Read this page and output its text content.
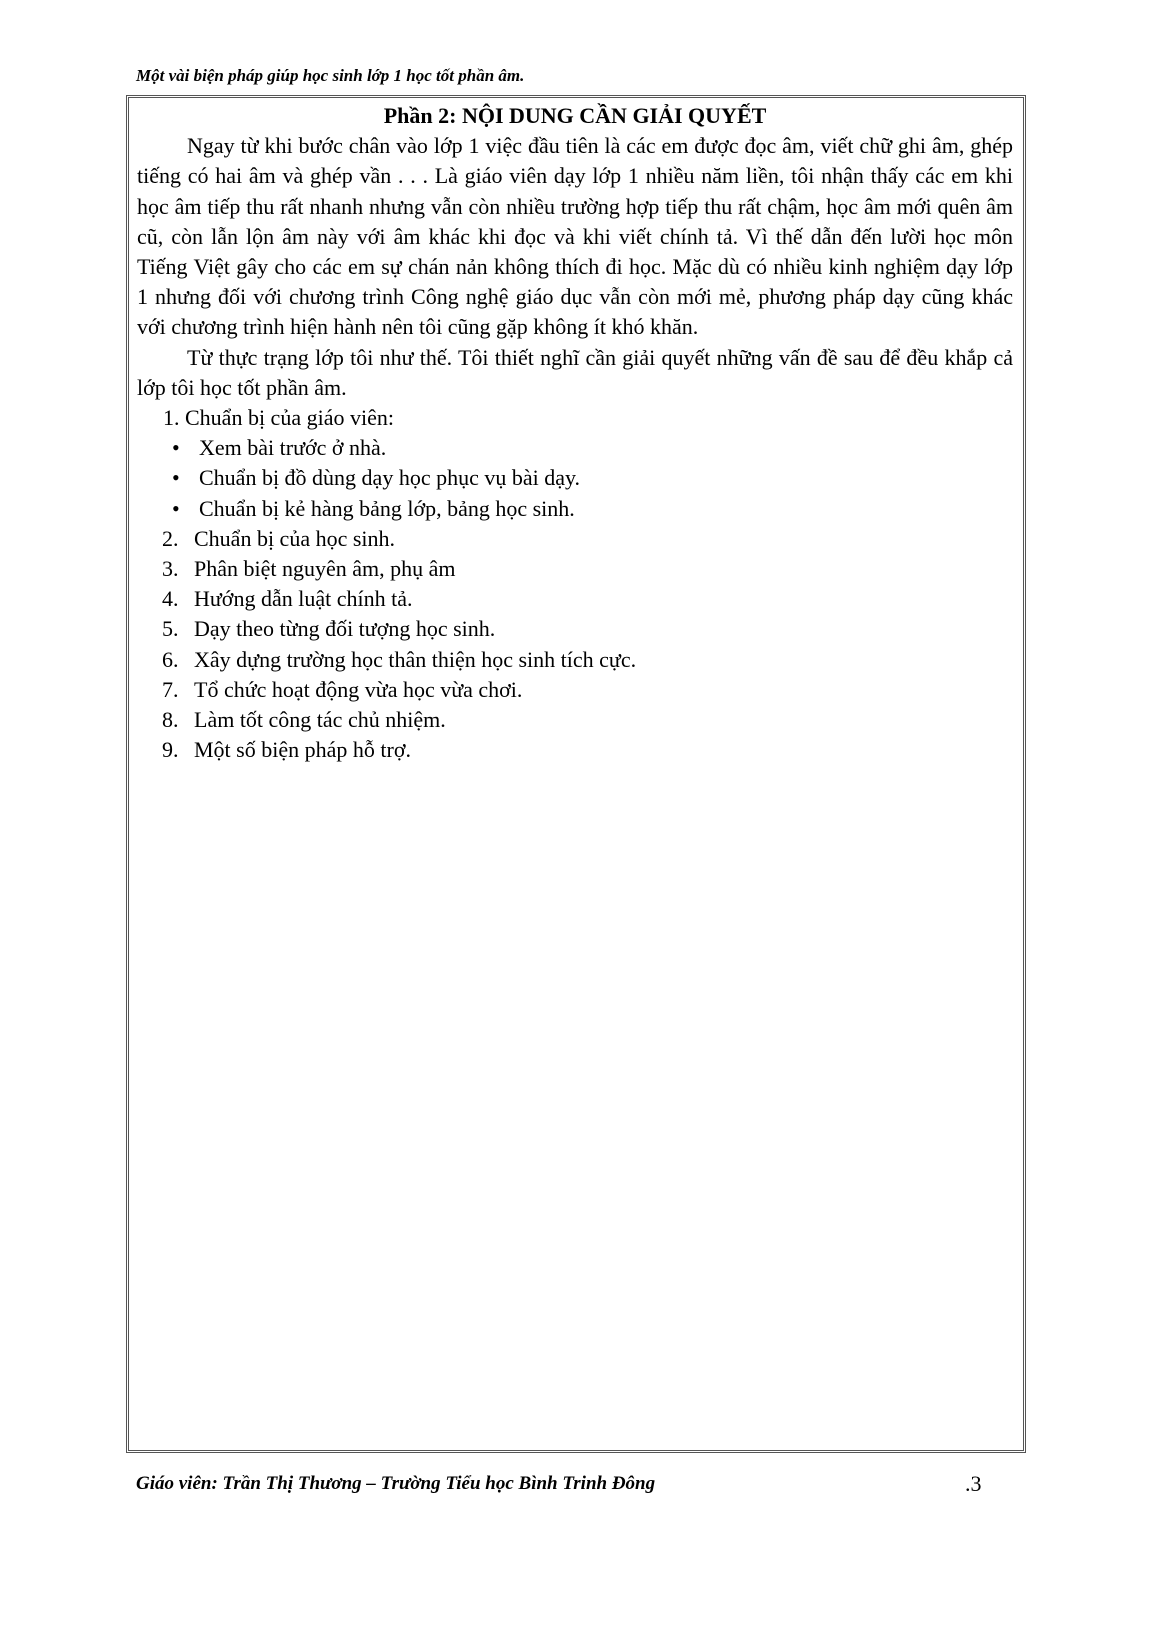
Một vài biện pháp giúp học sinh lớp 1 học tốt phần âm.
Phần 2: NỘI DUNG CẦN GIẢI QUYẾT

Ngay từ khi bước chân vào lớp 1 việc đầu tiên là các em được đọc âm, viết chữ ghi âm, ghép tiếng có hai âm và ghép vần . . . Là giáo viên dạy lớp 1 nhiều năm liền, tôi nhận thấy các em khi học âm tiếp thu rất nhanh nhưng vẫn còn nhiều trường hợp tiếp thu rất chậm, học âm mới quên âm cũ, còn lẫn lộn âm này với âm khác khi đọc và khi viết chính tả. Vì thế dẫn đến lười học môn Tiếng Việt gây cho các em sự chán nản không thích đi học. Mặc dù có nhiều kinh nghiệm dạy lớp 1 nhưng đối với chương trình Công nghệ giáo dục vẫn còn mới mẻ, phương pháp dạy cũng khác với chương trình hiện hành nên tôi cũng gặp không ít khó khăn.

Từ thực trạng lớp tôi như thế. Tôi thiết nghĩ cần giải quyết những vấn đề sau để đều khắp cả lớp tôi học tốt phần âm.

1. Chuẩn bị của giáo viên:

• Xem bài trước ở nhà.
• Chuẩn bị đồ dùng dạy học phục vụ bài dạy.
• Chuẩn bị kẻ hàng bảng lớp, bảng học sinh.
2. Chuẩn bị của học sinh.
3. Phân biệt nguyên âm, phụ âm
4. Hướng dẫn luật chính tả.
5. Dạy theo từng đối tượng học sinh.
6. Xây dựng trường học thân thiện học sinh tích cực.
7. Tổ chức hoạt động vừa học vừa chơi.
8. Làm tốt công tác chủ nhiệm.
9. Một số biện pháp hỗ trợ.
Giáo viên: Trần Thị Thương – Trường Tiểu học Bình Trinh Đông	.3
